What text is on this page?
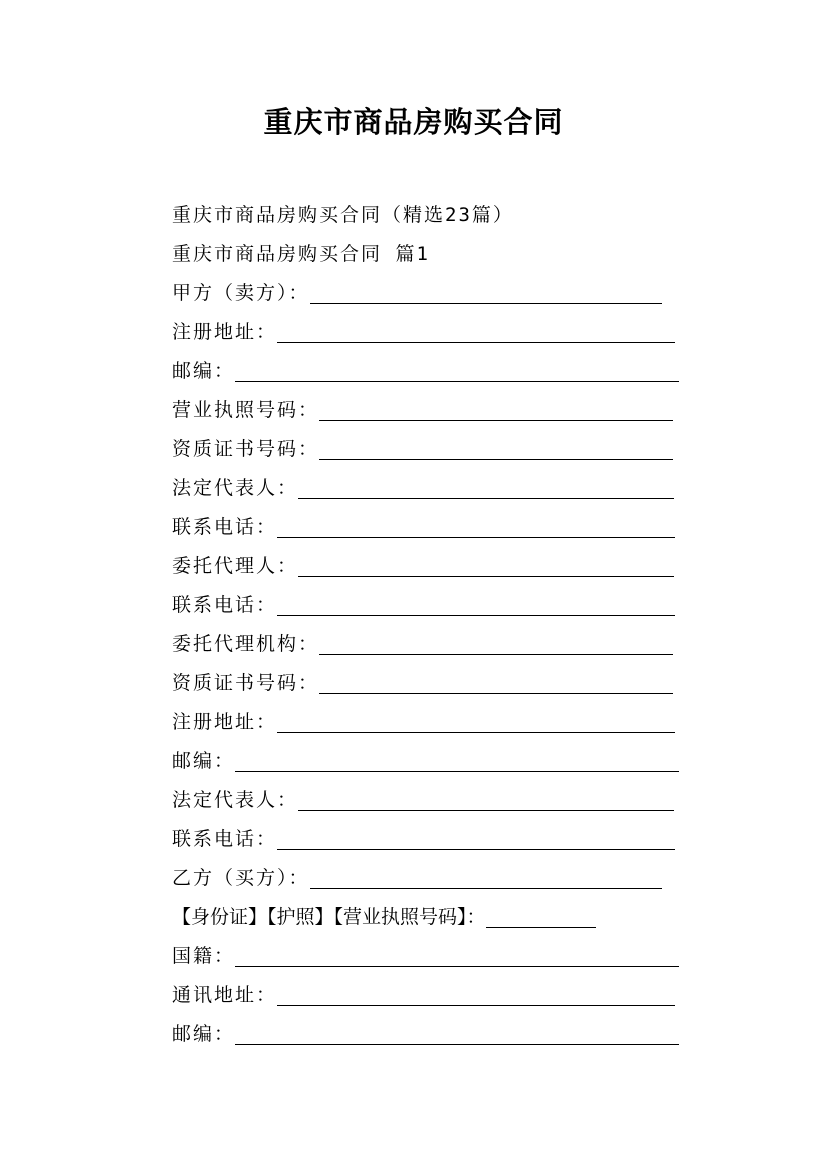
重庆市商品房购买合同
重庆市商品房购买合同（精选23篇）
重庆市商品房购买合同 篇1
甲方（卖方）：
注册地址：
邮编：
营业执照号码：
资质证书号码：
法定代表人：
联系电话：
委托代理人：
联系电话：
委托代理机构：
资质证书号码：
注册地址：
邮编：
法定代表人：
联系电话：
乙方（买方）：
【身份证】【护照】【营业执照号码】：
国籍：
通讯地址：
邮编：
